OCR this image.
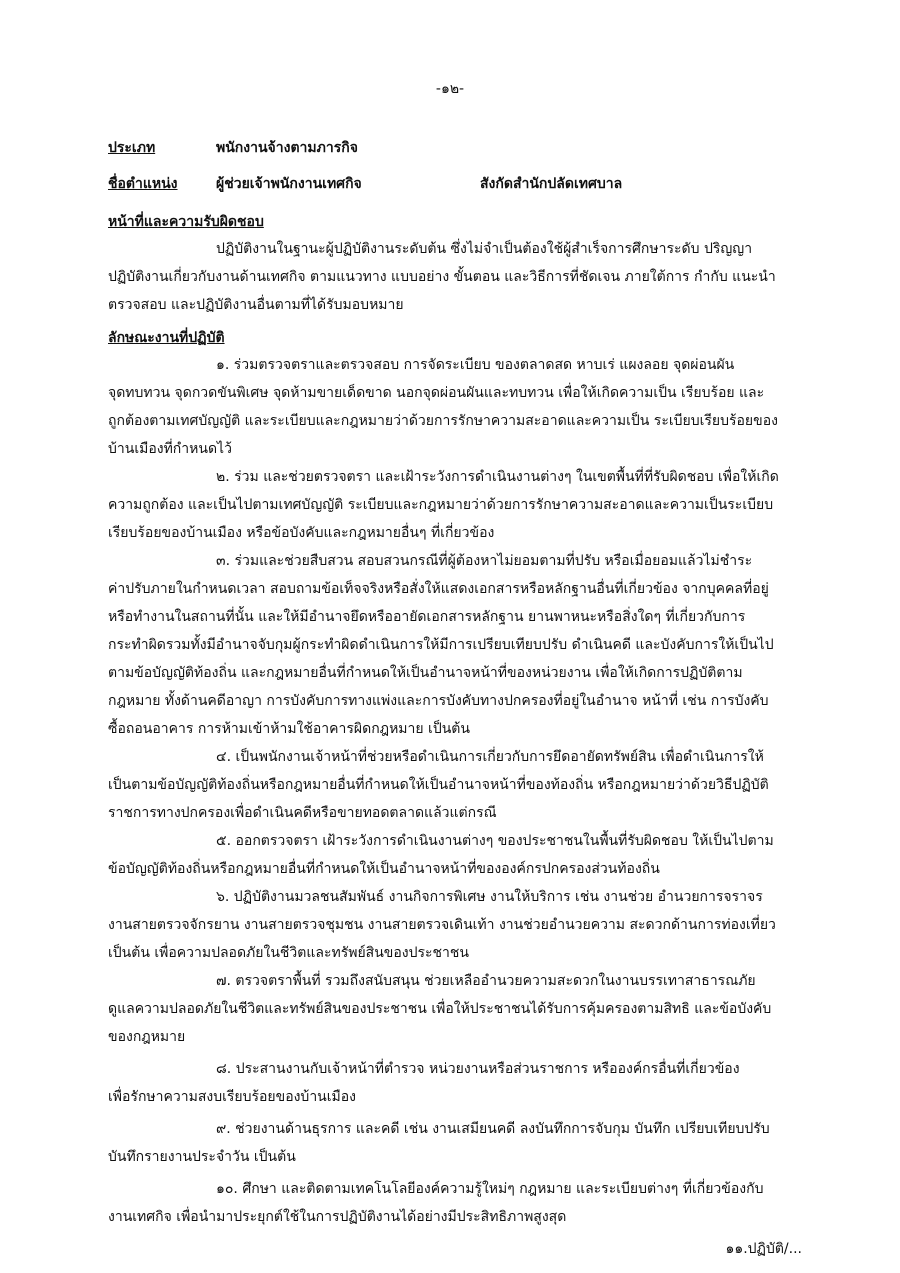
-๑๒-
ประเภท	พนักงานจ้างตามภารกิจ
ชื่อตำแหน่ง	ผู้ช่วยเจ้าพนักงานเทศกิจ	สังกัดสำนักปลัดเทศบาล
หน้าที่และความรับผิดชอบ
ปฏิบัติงานในฐานะผู้ปฏิบัติงานระดับต้น ซึ่งไม่จำเป็นต้องใช้ผู้สำเร็จการศึกษาระดับ ปริญญา
ปฏิบัติงานเกี่ยวกับงานด้านเทศกิจ ตามแนวทาง แบบอย่าง ขั้นตอน และวิธีการที่ชัดเจน ภายใต้การ กำกับ แนะนำ
ตรวจสอบ และปฏิบัติงานอื่นตามที่ได้รับมอบหมาย
ลักษณะงานที่ปฏิบัติ
๑. ร่วมตรวจตราและตรวจสอบ การจัดระเบียบ ของตลาดสด หาบเร่ แผงลอย จุดผ่อนผัน
จุดทบทวน จุดกวดขันพิเศษ จุดห้ามขายเด็ดขาด นอกจุดผ่อนผันและทบทวน เพื่อให้เกิดความเป็น เรียบร้อย และ
ถูกต้องตามเทศบัญญัติ และระเบียบและกฎหมายว่าด้วยการรักษาความสะอาดและความเป็น ระเบียบเรียบร้อยของ
บ้านเมืองที่กำหนดไว้
๒. ร่วม และช่วยตรวจตรา และเฝ้าระวังการดำเนินงานต่างๆ ในเขตพื้นที่ที่รับผิดชอบ เพื่อให้เกิด
ความถูกต้อง และเป็นไปตามเทศบัญญัติ ระเบียบและกฎหมายว่าด้วยการรักษาความสะอาดและความเป็นระเบียบ
เรียบร้อยของบ้านเมือง หรือข้อบังคับและกฎหมายอื่นๆ ที่เกี่ยวข้อง
๓. ร่วมและช่วยสืบสวน สอบสวนกรณีที่ผู้ต้องหาไม่ยอมตามที่ปรับ หรือเมื่อยอมแล้วไม่ชำระ
ค่าปรับภายในกำหนดเวลา สอบถามข้อเท็จจริงหรือสั่งให้แสดงเอกสารหรือหลักฐานอื่นที่เกี่ยวข้อง จากบุคคลที่อยู่
หรือทำงานในสถานที่นั้น และให้มีอำนาจยึดหรืออายัดเอกสารหลักฐาน ยานพาหนะหรือสิ่งใดๆ ที่เกี่ยวกับการ
กระทำผิดรวมทั้งมีอำนาจจับกุมผู้กระทำผิดดำเนินการให้มีการเปรียบเทียบปรับ ดำเนินคดี และบังคับการให้เป็นไป
ตามข้อบัญญัติท้องถิ่น และกฎหมายอื่นที่กำหนดให้เป็นอำนาจหน้าที่ของหน่วยงาน เพื่อให้เกิดการปฏิบัติตาม
กฎหมาย ทั้งด้านคดีอาญา การบังคับการทางแพ่งและการบังคับทางปกครองที่อยู่ในอำนาจ หน้าที่ เช่น การบังคับ
ซื้อถอนอาคาร การห้ามเข้าห้ามใช้อาคารผิดกฎหมาย เป็นต้น
๔. เป็นพนักงานเจ้าหน้าที่ช่วยหรือดำเนินการเกี่ยวกับการยึดอายัดทรัพย์สิน เพื่อดำเนินการให้
เป็นตามข้อบัญญัติท้องถิ่นหรือกฎหมายอื่นที่กำหนดให้เป็นอำนาจหน้าที่ของท้องถิ่น หรือกฎหมายว่าด้วยวิธีปฏิบัติ
ราชการทางปกครองเพื่อดำเนินคดีหรือขายทอดตลาดแล้วแต่กรณี
๕. ออกตรวจตรา เฝ้าระวังการดำเนินงานต่างๆ ของประชาชนในพื้นที่รับผิดชอบ ให้เป็นไปตาม
ข้อบัญญัติท้องถิ่นหรือกฎหมายอื่นที่กำหนดให้เป็นอำนาจหน้าที่ขององค์กรปกครองส่วนท้องถิ่น
๖. ปฏิบัติงานมวลชนสัมพันธ์ งานกิจการพิเศษ งานให้บริการ เช่น งานช่วย อำนวยการจราจร
งานสายตรวจจักรยาน งานสายตรวจชุมชน งานสายตรวจเดินเท้า งานช่วยอำนวยความ สะดวกด้านการท่องเที่ยว
เป็นต้น เพื่อความปลอดภัยในชีวิตและทรัพย์สินของประชาชน
๗. ตรวจตราพื้นที่ รวมถึงสนับสนุน ช่วยเหลืออำนวยความสะดวกในงานบรรเทาสาธารณภัย
ดูแลความปลอดภัยในชีวิตและทรัพย์สินของประชาชน เพื่อให้ประชาชนได้รับการคุ้มครองตามสิทธิ และข้อบังคับ
ของกฎหมาย
๘. ประสานงานกับเจ้าหน้าที่ตำรวจ หน่วยงานหรือส่วนราชการ หรือองค์กรอื่นที่เกี่ยวข้อง
เพื่อรักษาความสงบเรียบร้อยของบ้านเมือง
๙. ช่วยงานด้านธุรการ และคดี เช่น งานเสมียนคดี ลงบันทึกการจับกุม บันทึก เปรียบเทียบปรับ
บันทึกรายงานประจำวัน เป็นต้น
๑๐. ศึกษา และติดตามเทคโนโลยีองค์ความรู้ใหม่ๆ กฎหมาย และระเบียบต่างๆ ที่เกี่ยวข้องกับ
งานเทศกิจ เพื่อนำมาประยุกต์ใช้ในการปฏิบัติงานได้อย่างมีประสิทธิภาพสูงสุด
๑๑.ปฏิบัติ/...
